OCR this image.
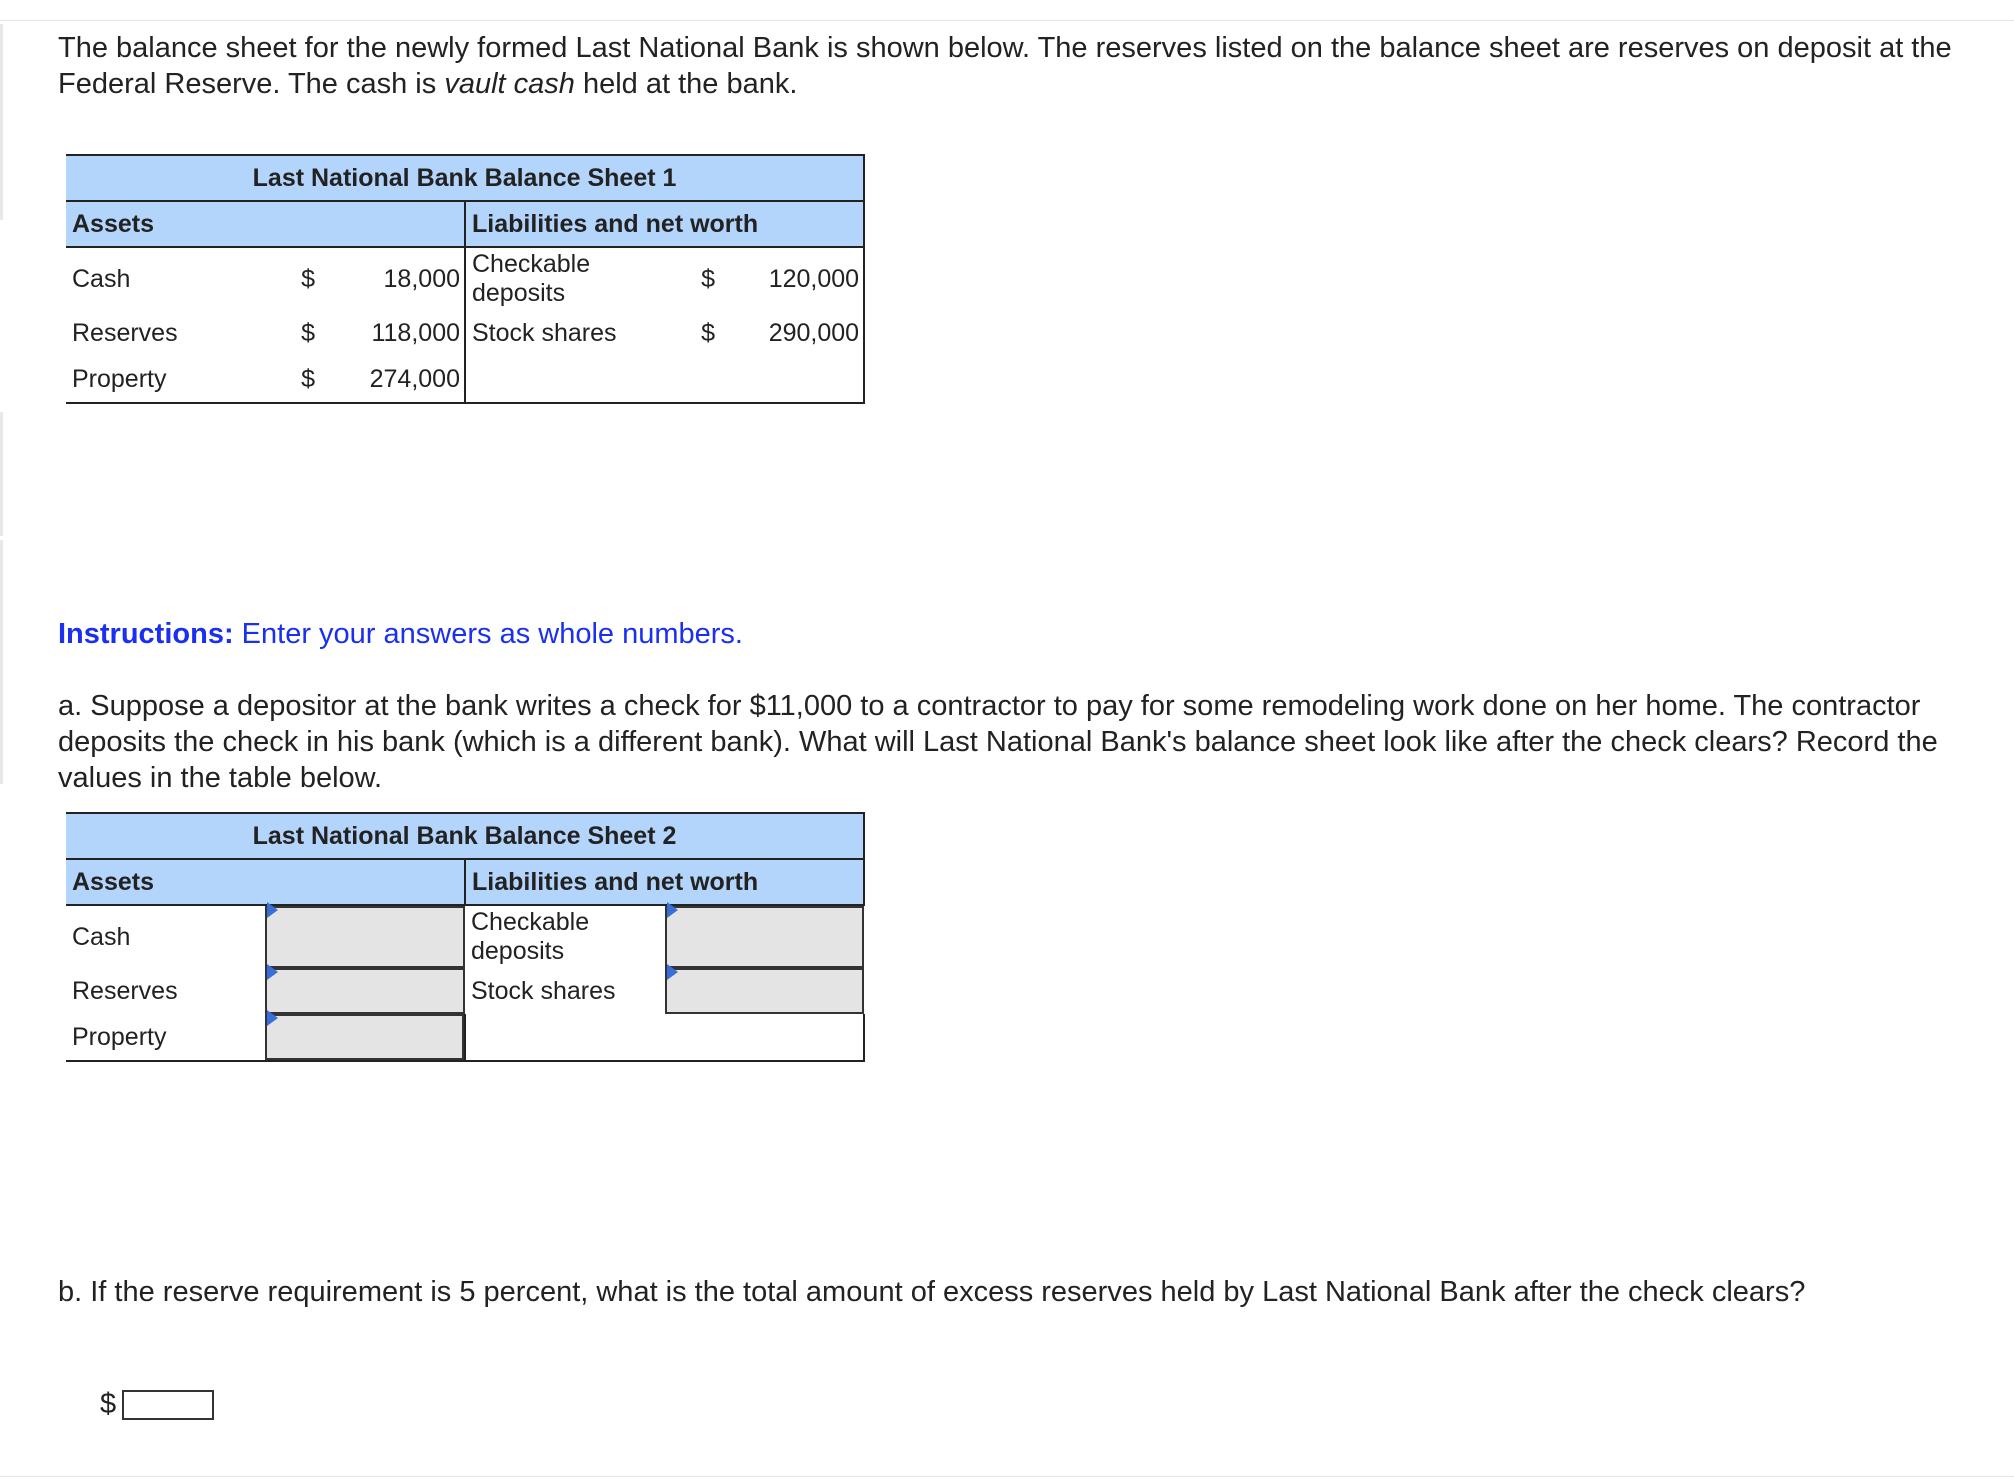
The balance sheet for the newly formed Last National Bank is shown below. The reserves listed on the balance sheet are reserves on deposit at the Federal Reserve. The cash is vault cash held at the bank.

Last National Bank Balance Sheet 1					
Assets			Liabilities and net worth		
Cash	$	18,000	Checkable deposits	$	120,000
Reserves	$	118,000	Stock shares	$	290,000
Property	$	274,000			

Instructions: Enter your answers as whole numbers.

a. Suppose a depositor at the bank writes a check for $11,000 to a contractor to pay for some remodeling work done on her home. The contractor deposits the check in his bank (which is a different bank). What will Last National Bank's balance sheet look like after the check clears? Record the values in the table below.

Last National Bank Balance Sheet 2			
Assets		Liabilities and net worth	
Cash		Checkable deposits	

Reserves		Stock shares	

Property	

b. If the reserve requirement is 5 percent, what is the total amount of excess reserves held by Last National Bank after the check clears?

$
